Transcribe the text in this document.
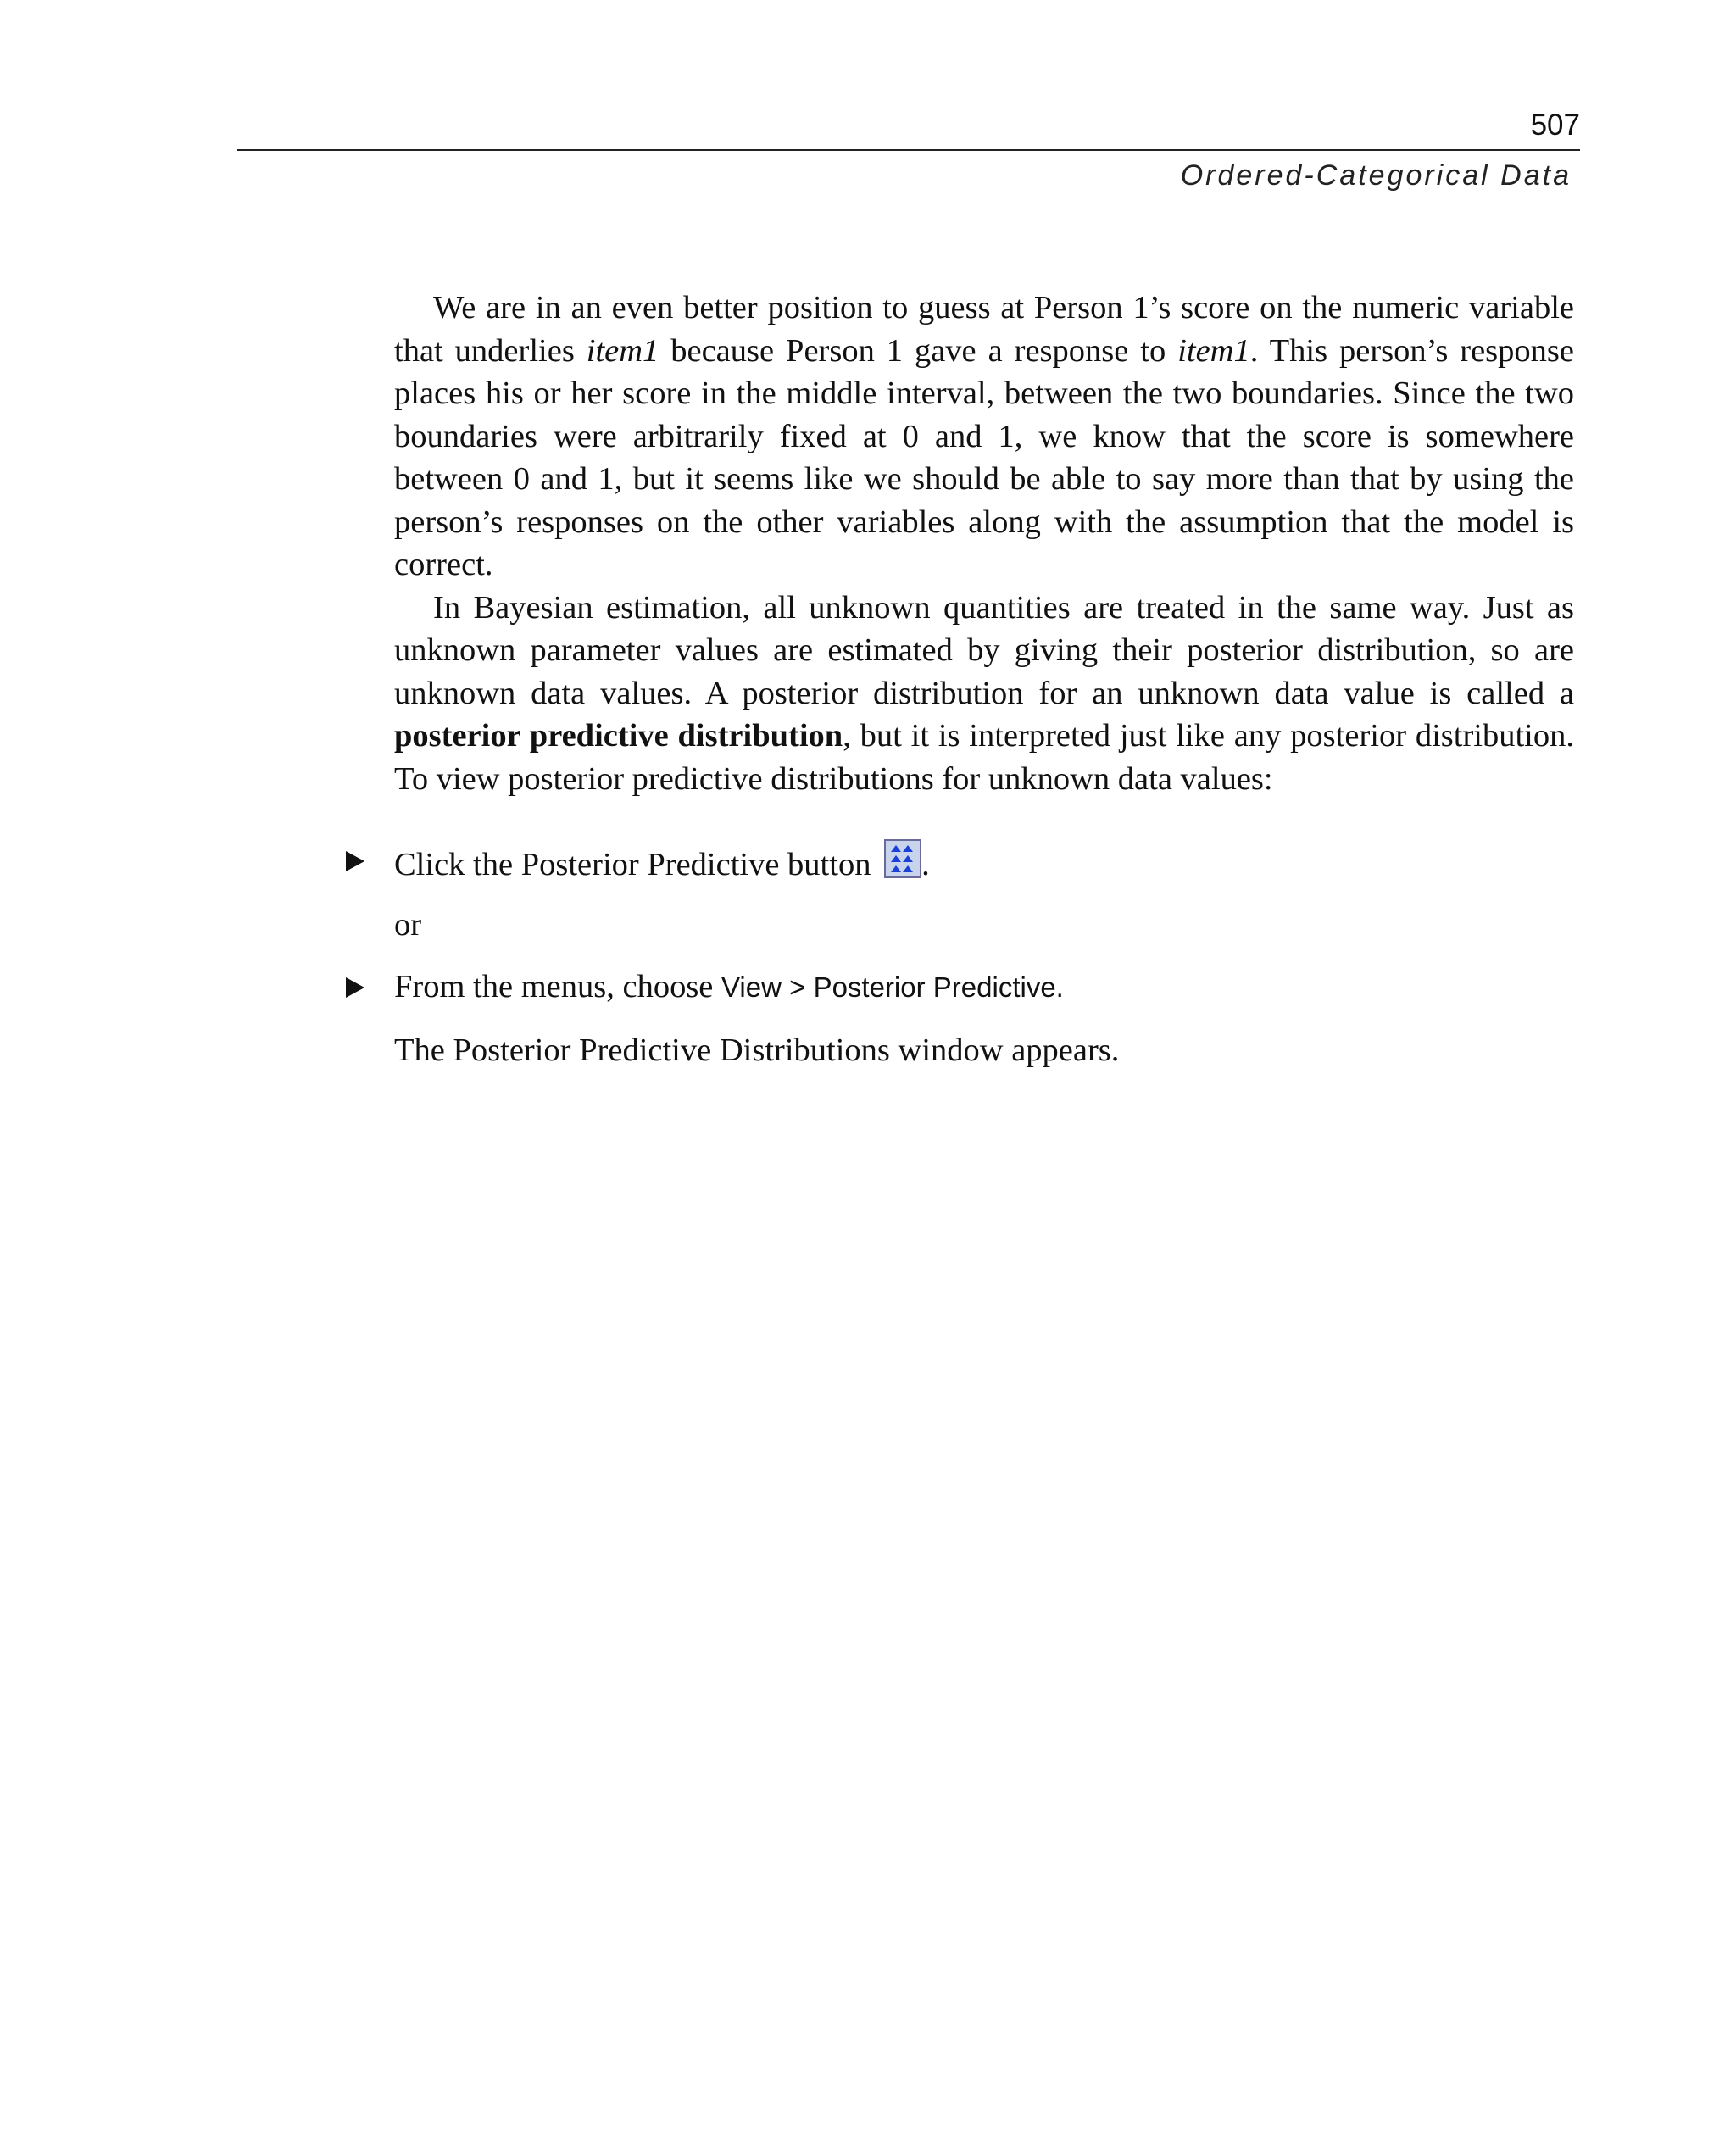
507
Ordered-Categorical Data

We are in an even better position to guess at Person 1’s score on the numeric variable that underlies item1 because Person 1 gave a response to item1. This person’s response places his or her score in the middle interval, between the two boundaries. Since the two boundaries were arbitrarily fixed at 0 and 1, we know that the score is somewhere between 0 and 1, but it seems like we should be able to say more than that by using the person’s responses on the other variables along with the assumption that the model is correct.

In Bayesian estimation, all unknown quantities are treated in the same way. Just as unknown parameter values are estimated by giving their posterior distribution, so are unknown data values. A posterior distribution for an unknown data value is called a posterior predictive distribution, but it is interpreted just like any posterior distribution. To view posterior predictive distributions for unknown data values:

Click the Posterior Predictive button
.
or
From the menus, choose View > Posterior Predictive.
The Posterior Predictive Distributions window appears.
